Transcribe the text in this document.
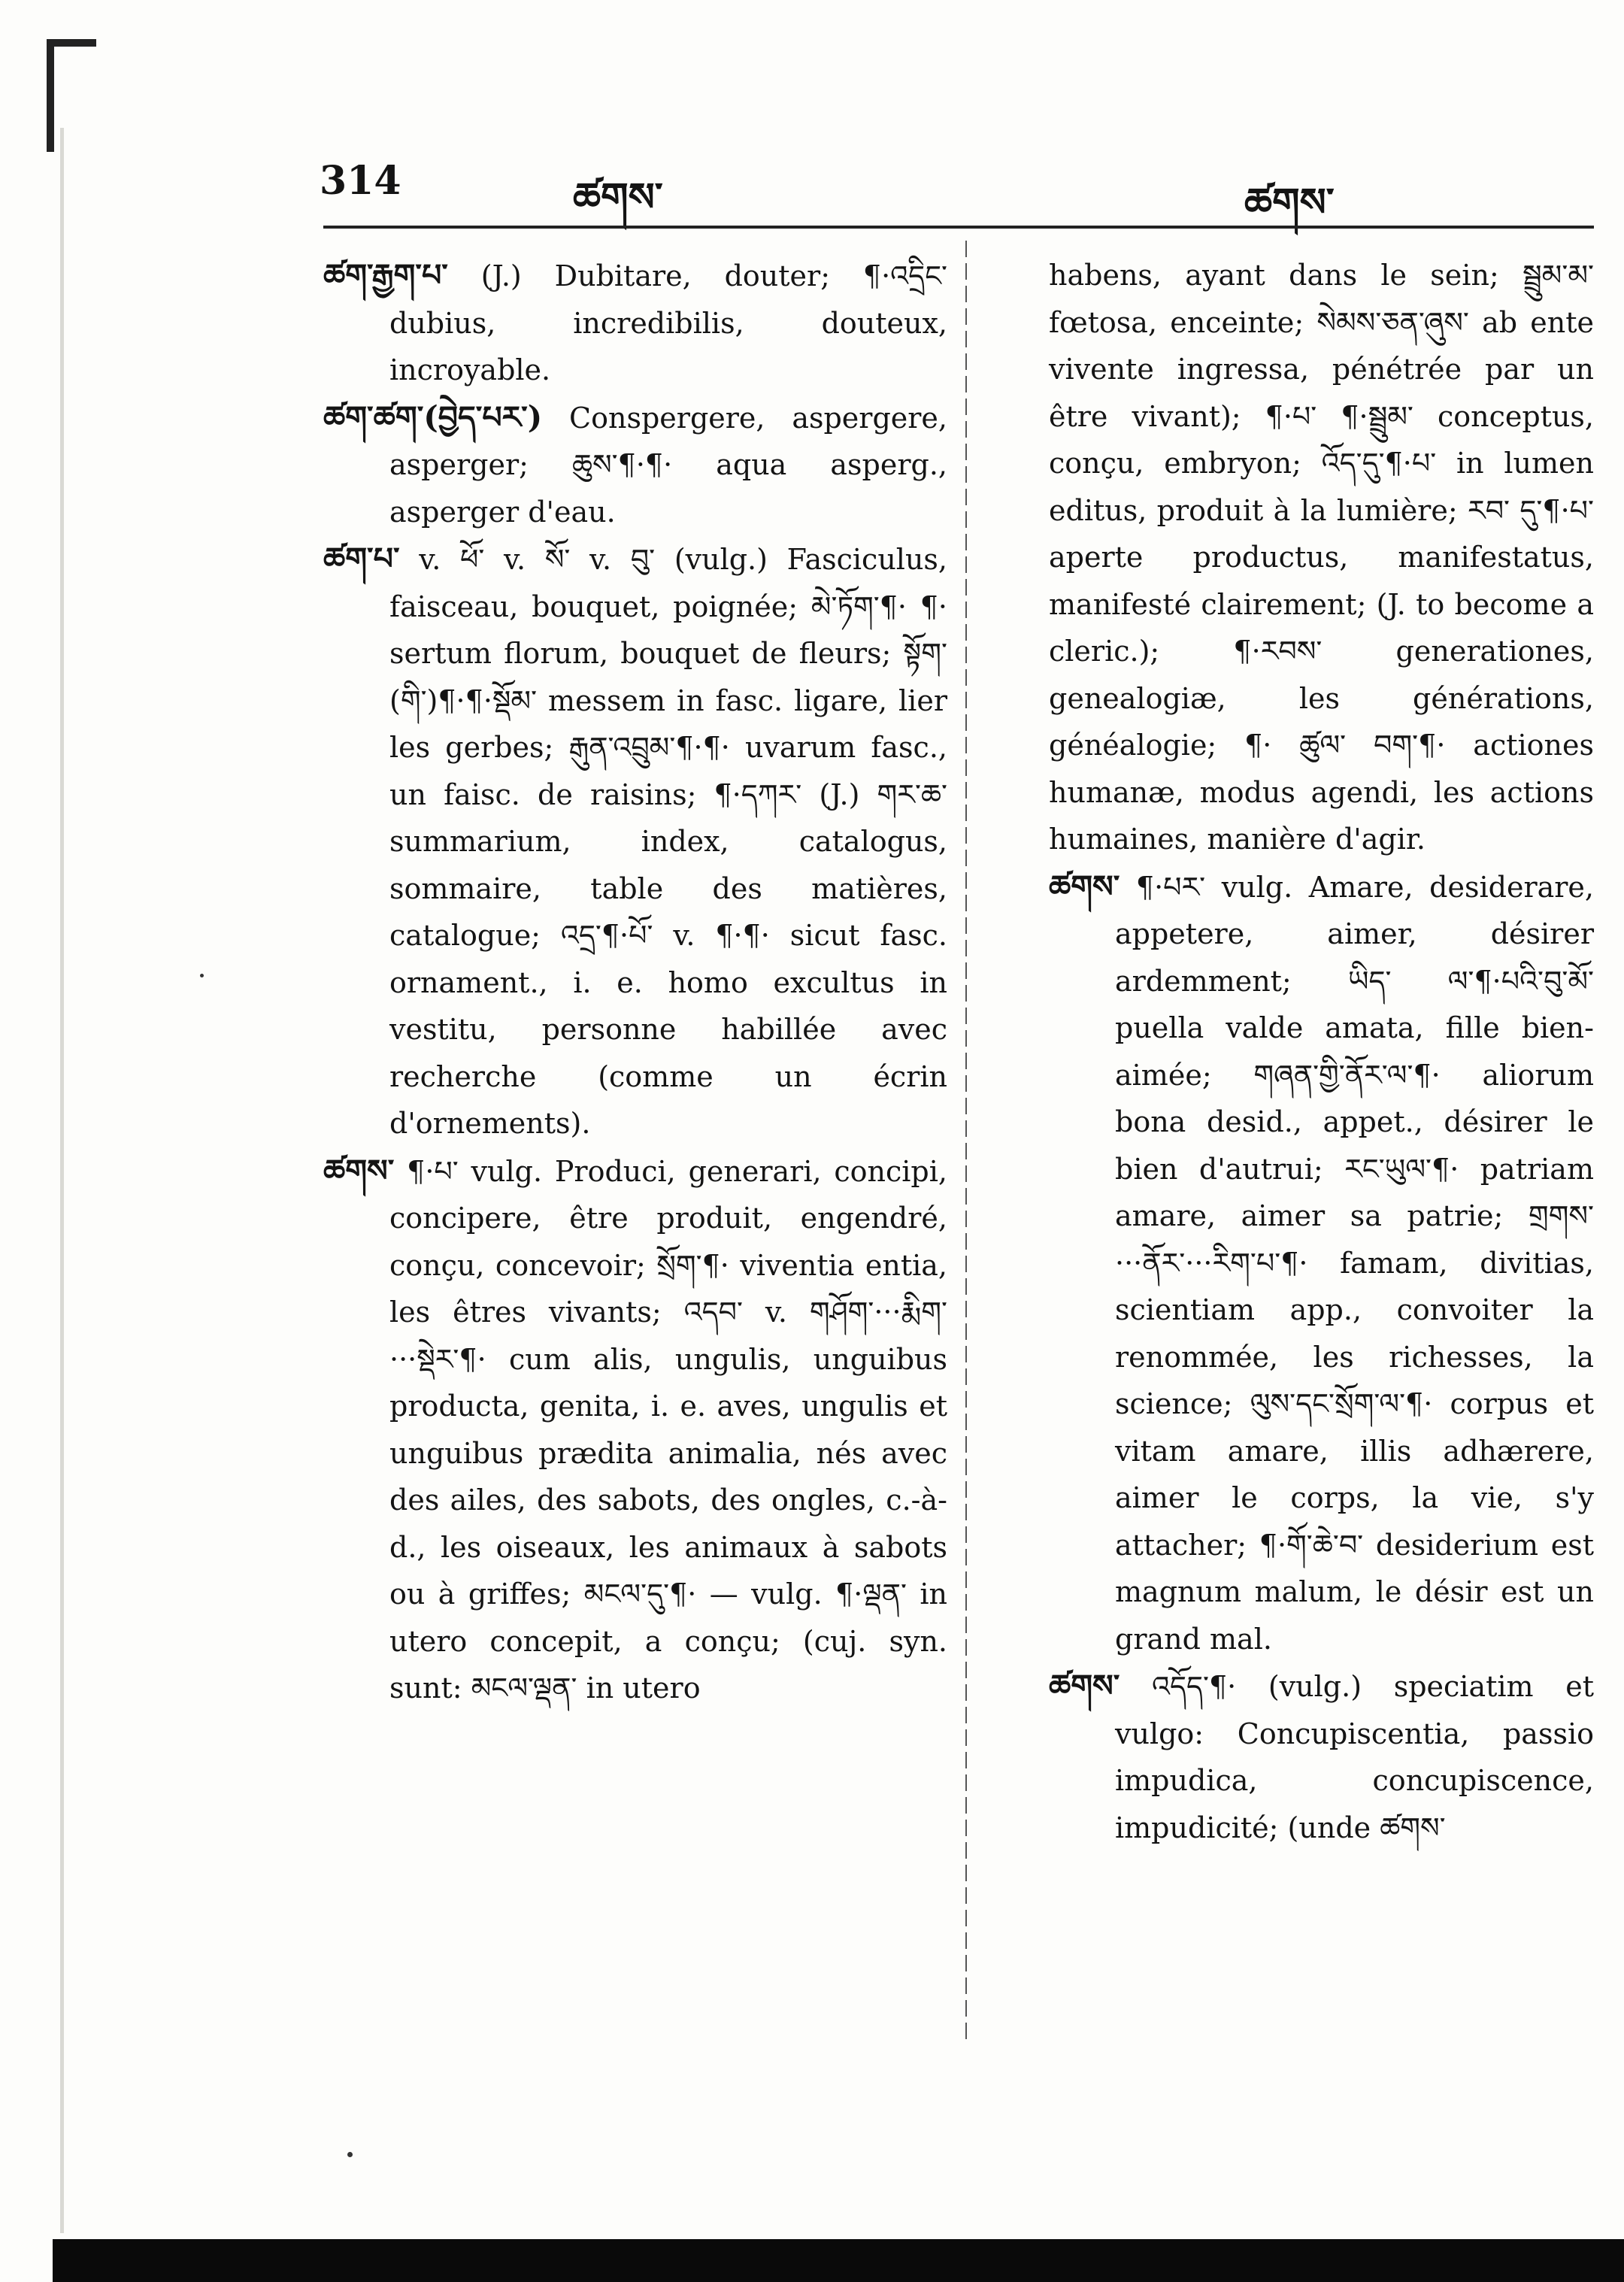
314	ཚགས་	ཚགས་

ཚག་རྒྱག་པ་ (J.) Dubitare, douter; ¶·འདྲིང་ dubius, incredibilis, douteux, incroyable.

ཚག་ཚག་(བྱེད་པར་) Conspergere, aspergere, asperger; ཆུས་¶·¶· aqua asperg., asperger d'eau.

ཚག་པ་ v. ཕོ་ v. སོ་ v. བུ་ (vulg.) Fasciculus, faisceau, bouquet, poignée; མེ་ཏོག་¶· ¶· sertum florum, bouquet de fleurs; སྟོག་(གི་)¶·¶·སྡོམ་ messem in fasc. ligare, lier les gerbes; རྒུན་འབྲུམ་¶·¶· uvarum fasc., un faisc. de raisins; ¶·དཀར་ (J.) གར་ཆ་ summarium, index, catalogus, sommaire, table des matières, catalogue; འདྲ་¶·པོ་ v. ¶·¶· sicut fasc. ornament., i. e. homo excultus in vestitu, personne habillée avec recherche (comme un écrin d'ornements).

ཚགས་ ¶·པ་ vulg. Produci, generari, concipi, concipere, être produit, engendré, conçu, concevoir; སྲོག་¶· viventia entia, les êtres vivants; འདབ་ v. གཤོག་···རྨིག་···སྡེར་¶· cum alis, ungulis, unguibus producta, genita, i. e. aves, ungulis et unguibus prædita animalia, nés avec des ailes, des sabots, des ongles, c.-à-d., les oiseaux, les animaux à sabots ou à griffes; མངལ་དུ་¶· — vulg. ¶·ལྡན་ in utero concepit, a conçu; (cuj. syn. sunt: མངལ་ལྡན་ in utero

habens, ayant dans le sein; སྦྲུམ་མ་ fœtosa, enceinte; སེམས་ཅན་ཞུས་ ab ente vivente ingressa, pénétrée par un être vivant); ¶·པ་ ¶·སྦྲུམ་ conceptus, conçu, embryon; འོད་དུ་¶·པ་ in lumen editus, produit à la lumière; རབ་ དུ་¶·པ་ aperte productus, manifestatus, manifesté clairement; (J. to become a cleric.); ¶·རབས་ generationes, genealogiæ, les générations, généalogie; ¶· ཚུལ་ བག་¶· actiones humanæ, modus agendi, les actions humaines, manière d'agir.

ཚགས་ ¶·པར་ vulg. Amare, desiderare, appetere, aimer, désirer ardemment; ཡིད་ ལ་¶·པའི་བུ་མོ་ puella valde amata, fille bien-aimée; གཞན་གྱི་ནོར་ལ་¶· aliorum bona desid., appet., désirer le bien d'autrui; རང་ཡུལ་¶· patriam amare, aimer sa patrie; གྲགས་···ནོར་···རིག་པ་¶· famam, divitias, scientiam app., convoiter la renommée, les richesses, la science; ལུས་དང་སྲོག་ལ་¶· corpus et vitam amare, illis adhærere, aimer le corps, la vie, s'y attacher; ¶·གོ་ཆེ་བ་ desiderium est magnum malum, le désir est un grand mal.

ཚགས་ འདོད་¶· (vulg.) speciatim et vulgo: Concupiscentia, passio impudica, concupiscence, impudicité; (unde ཚགས་
